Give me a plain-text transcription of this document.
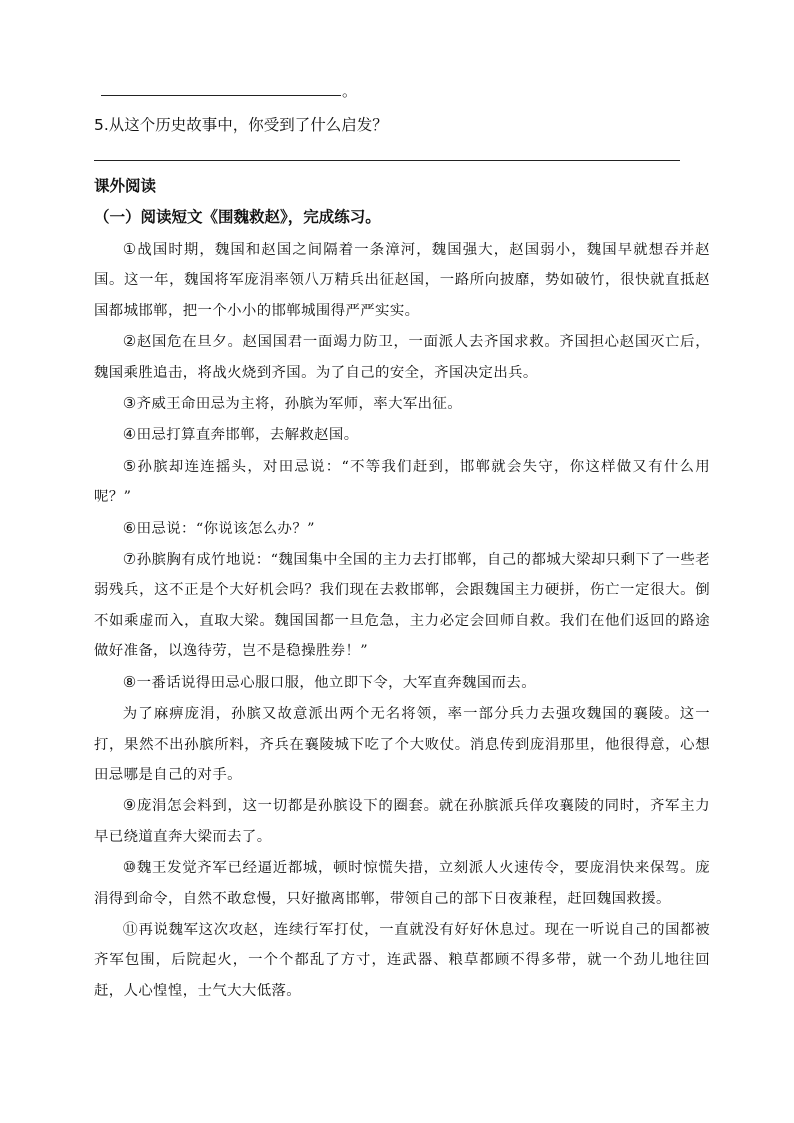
。
5.从这个历史故事中，你受到了什么启发？
课外阅读
（一）阅读短文《围魏救赵》，完成练习。

①战国时期，魏国和赵国之间隔着一条漳河，魏国强大，赵国弱小，魏国早就想吞并赵国。这一年，魏国将军庞涓率领八万精兵出征赵国，一路所向披靡，势如破竹，很快就直抵赵国都城邯郸，把一个小小的邯郸城围得严严实实。

②赵国危在旦夕。赵国国君一面竭力防卫，一面派人去齐国求救。齐国担心赵国灭亡后，魏国乘胜追击，将战火烧到齐国。为了自己的安全，齐国决定出兵。

③齐威王命田忌为主将，孙膑为军师，率大军出征。

④田忌打算直奔邯郸，去解救赵国。

⑤孙膑却连连摇头，对田忌说：“不等我们赶到，邯郸就会失守，你这样做又有什么用呢？”

⑥田忌说：“你说该怎么办？”

⑦孙膑胸有成竹地说：“魏国集中全国的主力去打邯郸，自己的都城大梁却只剩下了一些老弱残兵，这不正是个大好机会吗？我们现在去救邯郸，会跟魏国主力硬拼，伤亡一定很大。倒不如乘虚而入，直取大梁。魏国国都一旦危急，主力必定会回师自救。我们在他们返回的路途做好准备，以逸待劳，岂不是稳操胜券！”

⑧一番话说得田忌心服口服，他立即下令，大军直奔魏国而去。

为了麻痹庞涓，孙膑又故意派出两个无名将领，率一部分兵力去强攻魏国的襄陵。这一打，果然不出孙膑所料，齐兵在襄陵城下吃了个大败仗。消息传到庞涓那里，他很得意，心想田忌哪是自己的对手。

⑨庞涓怎会料到，这一切都是孙膑设下的圈套。就在孙膑派兵佯攻襄陵的同时，齐军主力早已绕道直奔大梁而去了。

⑩魏王发觉齐军已经逼近都城，顿时惊慌失措，立刻派人火速传令，要庞涓快来保驾。庞涓得到命令，自然不敢怠慢，只好撤离邯郸，带领自己的部下日夜兼程，赶回魏国救援。

⑪再说魏军这次攻赵，连续行军打仗，一直就没有好好休息过。现在一听说自己的国都被齐军包围，后院起火，一个个都乱了方寸，连武器、粮草都顾不得多带，就一个劲儿地往回赶，人心惶惶，士气大大低落。
